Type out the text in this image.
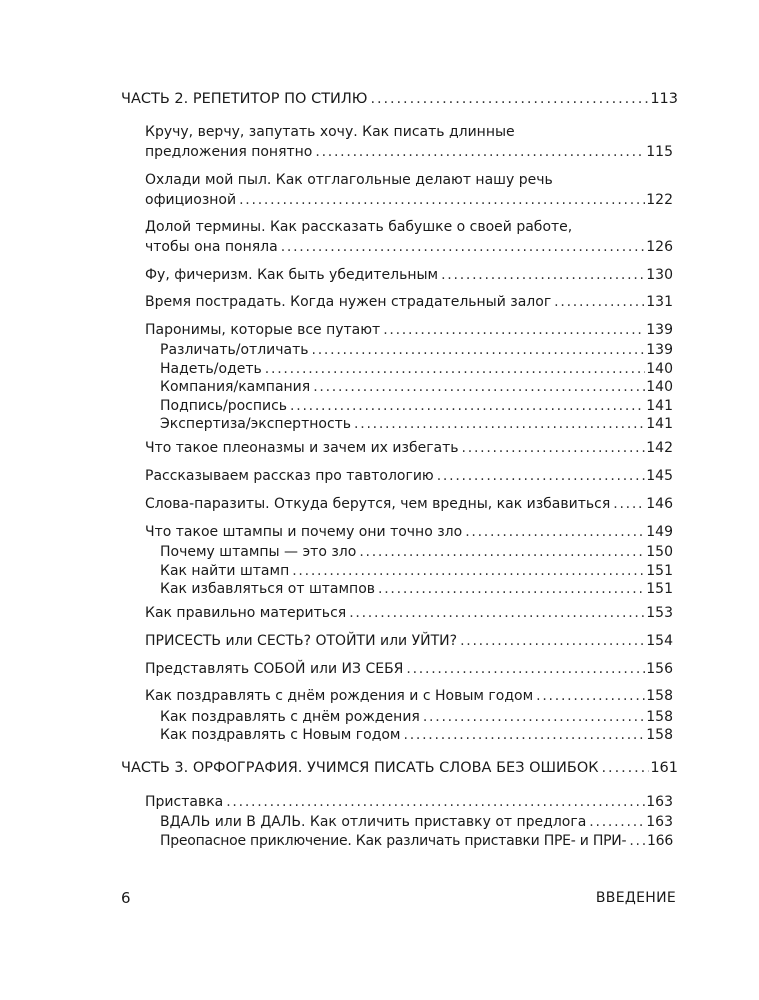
ЧАСТЬ 2. РЕПЕТИТОР ПО СТИЛЮ . . .	113
Кручу, верчу, запутать хочу. Как писать длинные
предложения понятно . . .	115
Охлади мой пыл. Как отглагольные делают нашу речь
официозной . . .	122
Долой термины. Как рассказать бабушке о своей работе,
чтобы она поняла . . .	126
Фу, фичеризм. Как быть убедительным . . .	130
Время пострадать. Когда нужен страдательный залог . . .	131
Паронимы, которые все путают . . .	139
Различать/отличать . . .	139
Надеть/одеть . . .	140
Компания/кампания . . .	140
Подпись/роспись . . .	141
Экспертиза/экспертность . . .	141
Что такое плеоназмы и зачем их избегать . . .	142
Рассказываем рассказ про тавтологию . . .	145
Слова-паразиты. Откуда берутся, чем вредны, как избавиться . . .	146
Что такое штампы и почему они точно зло . . .	149
Почему штампы — это зло . . .	150
Как найти штамп . . .	151
Как избавляться от штампов . . .	151
Как правильно материться . . .	153
ПРИСЕСТЬ или СЕСТЬ? ОТОЙТИ или УЙТИ? . . .	154
Представлять СОБОЙ или ИЗ СЕБЯ . . .	156
Как поздравлять с днём рождения и с Новым годом . . .	158
Как поздравлять с днём рождения . . .	158
Как поздравлять с Новым годом . . .	158
ЧАСТЬ 3. ОРФОГРАФИЯ. УЧИМСЯ ПИСАТЬ СЛОВА БЕЗ ОШИБОК . . .	161
Приставка . . .	163
ВДАЛЬ или В ДАЛЬ. Как отличить приставку от предлога . . .	163
Преопасное приключение. Как различать приставки ПРЕ- и ПРИ- . . . 166
6	ВВЕДЕНИЕ
